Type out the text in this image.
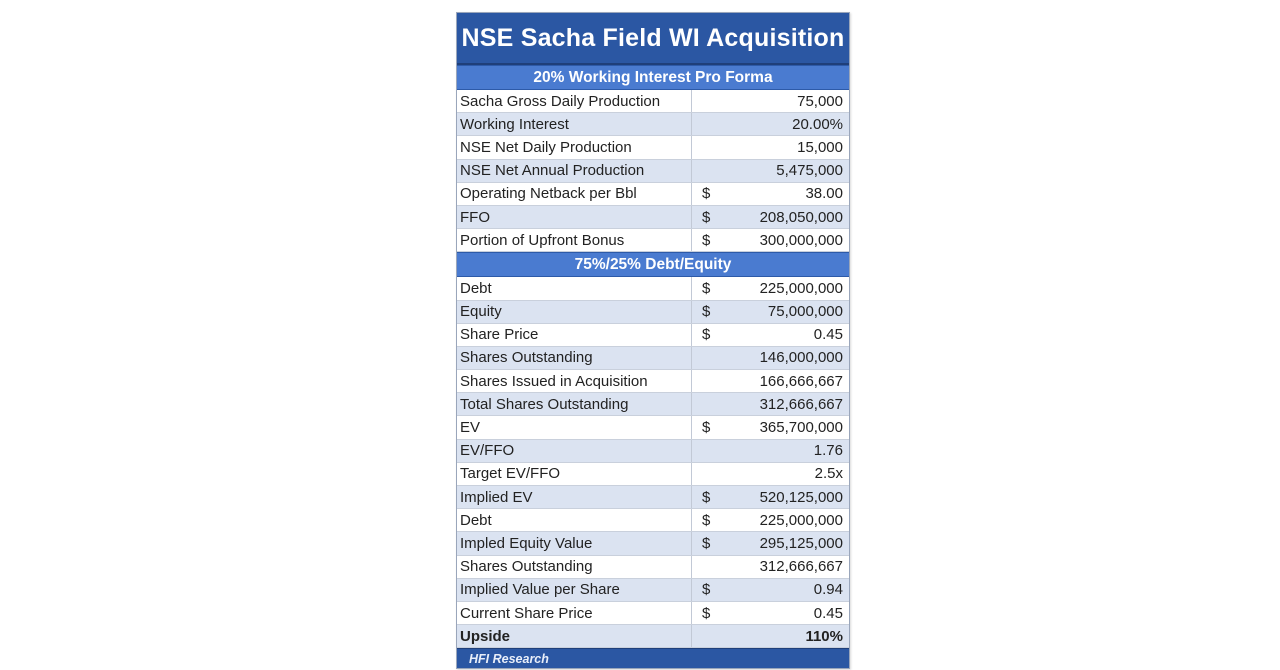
NSE Sacha Field WI Acquisition
20% Working Interest Pro Forma
Sacha Gross Daily Production	75,000
Working Interest	20.00%
NSE Net Daily Production	15,000
NSE Net Annual Production	5,475,000
Operating Netback per Bbl	$	38.00
FFO	$	208,050,000
Portion of Upfront Bonus	$	300,000,000
75%/25% Debt/Equity
Debt	$	225,000,000
Equity	$	75,000,000
Share Price	$	0.45
Shares Outstanding	146,000,000
Shares Issued in Acquisition	166,666,667
Total Shares Outstanding	312,666,667
EV	$	365,700,000
EV/FFO	1.76
Target EV/FFO	2.5x
Implied EV	$	520,125,000
Debt	$	225,000,000
Impled Equity Value	$	295,125,000
Shares Outstanding	312,666,667
Implied Value per Share	$	0.94
Current Share Price	$	0.45
Upside	110%
HFI Research
